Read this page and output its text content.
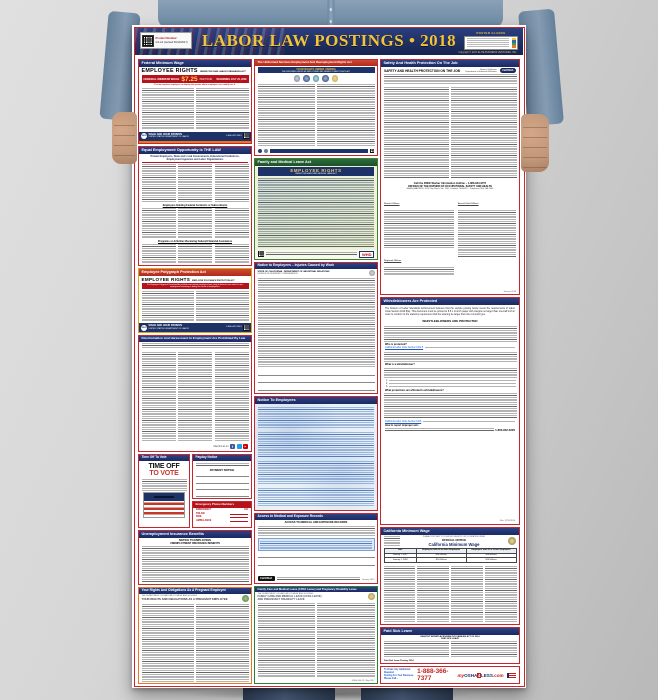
Product Number:
CA-A1 (revised 06/12/2017) LABOR LAW POSTINGS • 2018	POSTER GLANCE
Copyright © 2017 ELITE BUSINESS VENTURES, INC.
Federal Minimum Wage
EMPLOYEE RIGHTS UNDER THE FAIR LABOR STANDARDS ACT
FEDERAL MINIMUM WAGE $7.25 PER HOUR BEGINNING JULY 24, 2009
The law requires employers to display this poster where employees can readily see it.
WHD
WAGE AND HOUR DIVISION
UNITED STATES DEPARTMENT OF LABOR
1-866-487-9243
Equal Employment Opportunity is THE LAW
Private Employers, State and Local Governments, Educational Institutions,
Employment Agencies and Labor Organizations
Employers Holding Federal Contracts or Subcontracts
Programs or Activities Receiving Federal Financial Assistance
Employee Polygraph Protection Act
EMPLOYEE RIGHTS EMPLOYEE POLYGRAPH PROTECTION ACT
The Employee Polygraph Protection Act prohibits most private employers from using lie detector tests either for pre-employment screening or during the course of employment.
WHD
WAGE AND HOUR DIVISION
UNITED STATES DEPARTMENT OF LABOR
1-866-487-9243
Discrimination And Harassment In Employment Are Prohibited By Law
Also find us on	f	▶
Time Off To Vote
TIME OFF
TO VOTE
Payday Notice
PAYMENT NOTICE
Emergency Phone Numbers
EMERGENCY	911
POLICE
FIRE
AMBULANCE
Unemployment Insurance Benefits
NOTICE TO EMPLOYEES
UNEMPLOYMENT INSURANCE BENEFITS
Your Rights And Obligations As A Pregnant Employee
THE DEPARTMENT OF FAIR EMPLOYMENT AND HOUSING
YOUR RIGHTS AND OBLIGATIONS AS A PREGNANT EMPLOYEE
The Uniformed Services Employment And Reemployment Rights Act
YOUR RIGHTS UNDER USERRA
THE UNIFORMED SERVICES EMPLOYMENT AND REEMPLOYMENT RIGHTS ACT
Family and Medical Leave Act
EMPLOYEE RIGHTS
UNDER THE FAMILY AND MEDICAL LEAVE ACT
WHD
Notice to Employees – Injuries Caused by Work
STATE OF CALIFORNIA - DEPARTMENT OF INDUSTRIAL RELATIONS
DIVISION OF WORKERS' COMPENSATION
Notice To Employees
Access to Medical and Exposure Records
ACCESS TO MEDICAL AND EXPOSURE RECORDS
Cal/OSHA	January 2015
Family Care and Medical Leave (CFRA Leave) and Pregnancy Disability Leave
THE DEPARTMENT OF FAIR EMPLOYMENT AND HOUSING
FAMILY CARE AND MEDICAL LEAVE (CFRA LEAVE)
AND PREGNANCY DISABILITY LEAVE
DFEH-100-21 / May 2017
Safety And Health Protection On The Job
SAFETY AND HEALTH PROTECTION ON THE JOB	State of California
Department of Industrial Relations	Cal/OSHA
Call the FREE Worker Information Hotline – 1-866-924-9757
OFFICES OF THE DIVISION OF OCCUPATIONAL SAFETY AND HEALTH
HEADQUARTERS: 1515 Clay Street, Ste. 1901, Oakland, CA 94612 – Telephone (510) 286-7000
District Offices
Regional Offices
Area & Field Offices
January 2018
Whistleblowers Are Protected
The Division of Labor Standards Enforcement believes that the sample posting below meets the requirements of Labor Code Section 1102.8(a). This document must be printed to 8.5 x 14 inch paper with margins no larger than one-half inch in order to conform to the statutory requirement that the lettering be larger than size 14-point type.
WHISTLEBLOWERS ARE PROTECTED
Who is protected?
California Labor Code Section 1102.5
What is a whistleblower?
1.
2.
3.
What protections are afforded to whistleblowers?
California Labor Code Section 1106
How to report improper acts
1-800-952-5225
Rev. 12/15/2016
California Minimum Wage
PLEASE POST NEXT TO YOUR IWC INDUSTRY OR OCCUPATION ORDER
OFFICIAL NOTICE
California Minimum Wage
Date	Employers with 26 or More Employees	Employers with 25 or Fewer Employees
January 1, 2017	$10.50/hour	$10.00/hour
January 1, 2018	$11.00/hour	$10.50/hour
Paid Sick Leave
HEALTHY WORKPLACES/HEALTHY FAMILIES ACT OF 2014
PAID SICK LEAVE
Paid Sick Leave Posting 11/14
To Order Any Additional Required
Posting For Your Business,
Please Call –
1-888-366-7377	my OSHA 4 LESS .com
